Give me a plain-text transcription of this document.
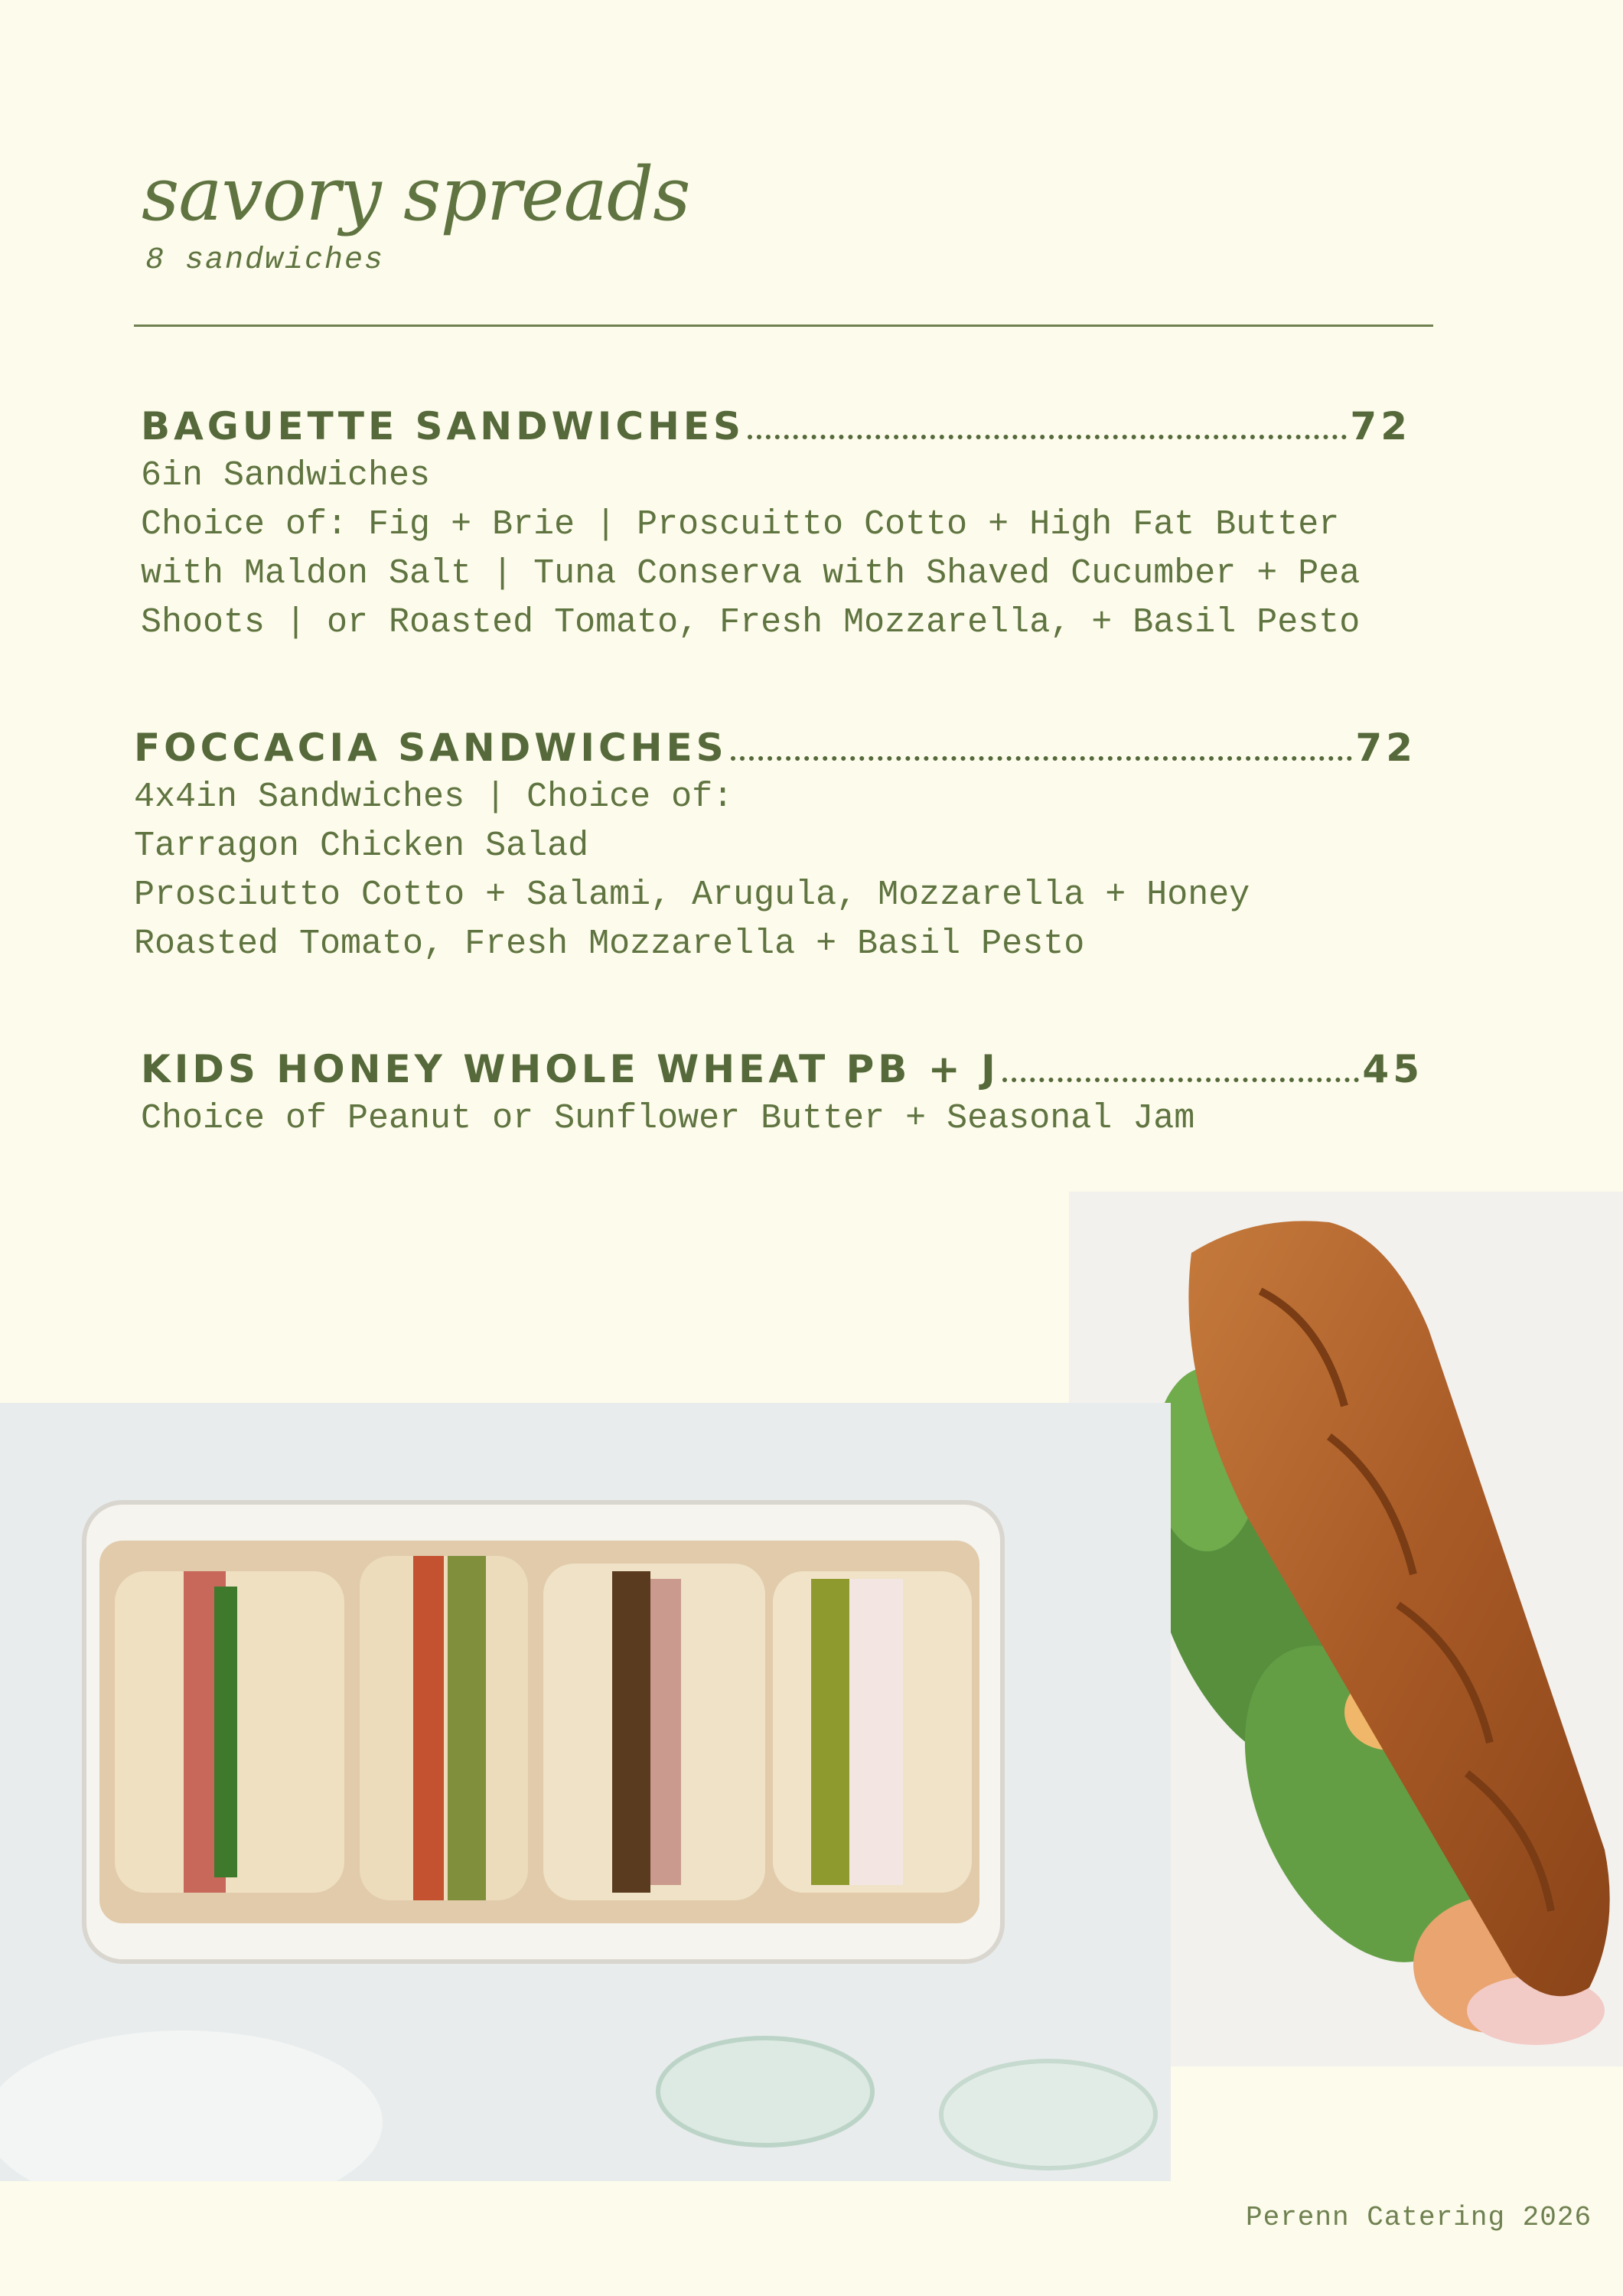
savory spreads
8 sandwiches
BAGUETTE SANDWICHES	72
6in Sandwiches
Choice of: Fig + Brie | Proscuitto Cotto + High Fat Butter
with Maldon Salt | Tuna Conserva with Shaved Cucumber + Pea
Shoots | or Roasted Tomato, Fresh Mozzarella, + Basil Pesto
FOCCACIA SANDWICHES	72
4x4in Sandwiches | Choice of:
Tarragon Chicken Salad
Prosciutto Cotto + Salami, Arugula, Mozzarella + Honey
Roasted Tomato, Fresh Mozzarella + Basil Pesto
KIDS HONEY WHOLE WHEAT PB + J	45
Choice of Peanut or Sunflower Butter + Seasonal Jam
Perenn Catering 2026
